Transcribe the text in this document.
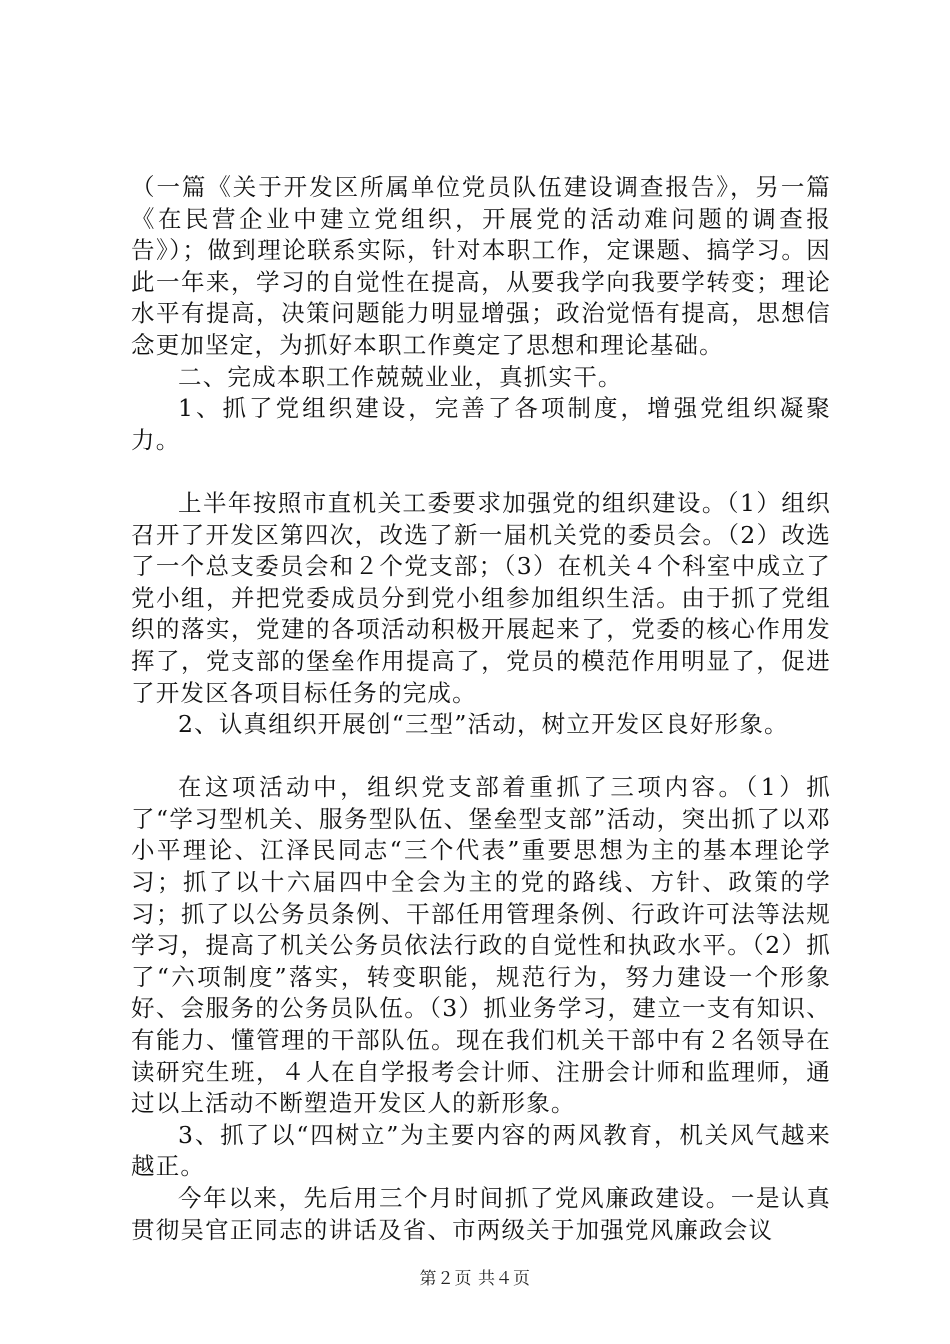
（一篇《关于开发区所属单位党员队伍建设调查报告》，另一篇《在民营企业中建立党组织，开展党的活动难问题的调查报告》）；做到理论联系实际，针对本职工作，定课题、搞学习。因此一年来，学习的自觉性在提高，从要我学向我要学转变；理论水平有提高，决策问题能力明显增强；政治觉悟有提高，思想信念更加坚定，为抓好本职工作奠定了思想和理论基础。

二、完成本职工作兢兢业业，真抓实干。

1、抓了党组织建设，完善了各项制度，增强党组织凝聚力。

上半年按照市直机关工委要求加强党的组织建设。（1）组织召开了开发区第四次，改选了新一届机关党的委员会。（2）改选了一个总支委员会和２个党支部；（3）在机关４个科室中成立了党小组，并把党委成员分到党小组参加组织生活。由于抓了党组织的落实，党建的各项活动积极开展起来了，党委的核心作用发挥了，党支部的堡垒作用提高了，党员的模范作用明显了，促进了开发区各项目标任务的完成。

2、认真组织开展创“三型”活动，树立开发区良好形象。

在这项活动中，组织党支部着重抓了三项内容。（1）抓了“学习型机关、服务型队伍、堡垒型支部”活动，突出抓了以邓小平理论、江泽民同志“三个代表”重要思想为主的基本理论学习；抓了以十六届四中全会为主的党的路线、方针、政策的学习；抓了以公务员条例、干部任用管理条例、行政许可法等法规学习，提高了机关公务员依法行政的自觉性和执政水平。（2）抓了“六项制度”落实，转变职能，规范行为，努力建设一个形象好、会服务的公务员队伍。（3）抓业务学习，建立一支有知识、有能力、懂管理的干部队伍。现在我们机关干部中有２名领导在读研究生班，４人在自学报考会计师、注册会计师和监理师，通过以上活动不断塑造开发区人的新形象。

3、抓了以“四树立”为主要内容的两风教育，机关风气越来越正。

今年以来，先后用三个月时间抓了党风廉政建设。一是认真贯彻吴官正同志的讲话及省、市两级关于加强党风廉政会议

第２页 共４页
